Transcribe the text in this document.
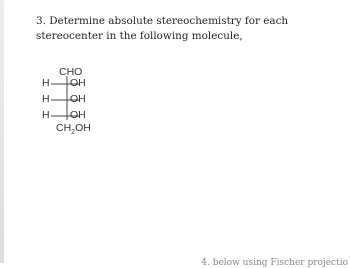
3. Determine absolute stereochemistry for each stereocenter in the following molecule,
CHO
H OH
H OH
H OH
$CH_2OH$
4. below using Fischer projectio
